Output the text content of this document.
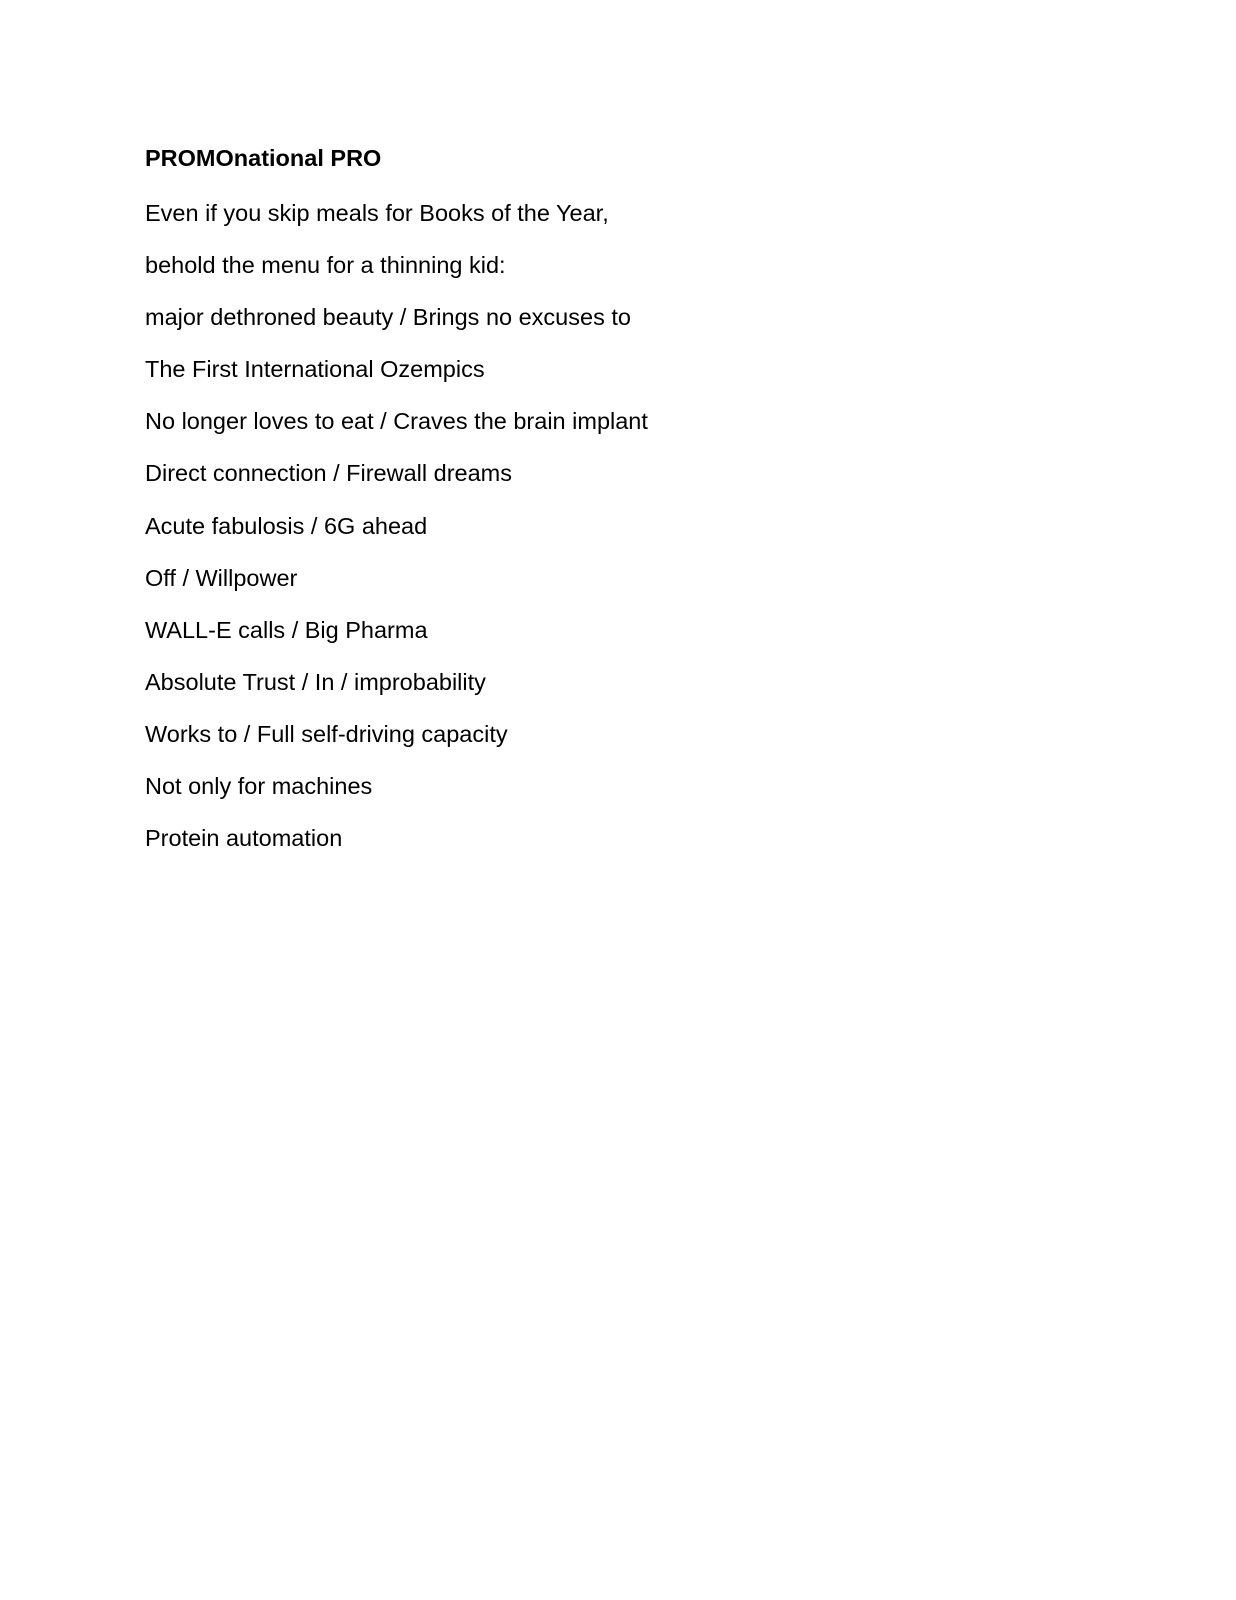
PROMOnational PRO
Even if you skip meals for Books of the Year,
behold the menu for a thinning kid:
major dethroned beauty / Brings no excuses to
The First International Ozempics
No longer loves to eat / Craves the brain implant
Direct connection / Firewall dreams
Acute fabulosis / 6G ahead
Off / Willpower
WALL-E calls / Big Pharma
Absolute Trust / In / improbability
Works to / Full self-driving capacity
Not only for machines
Protein automation
